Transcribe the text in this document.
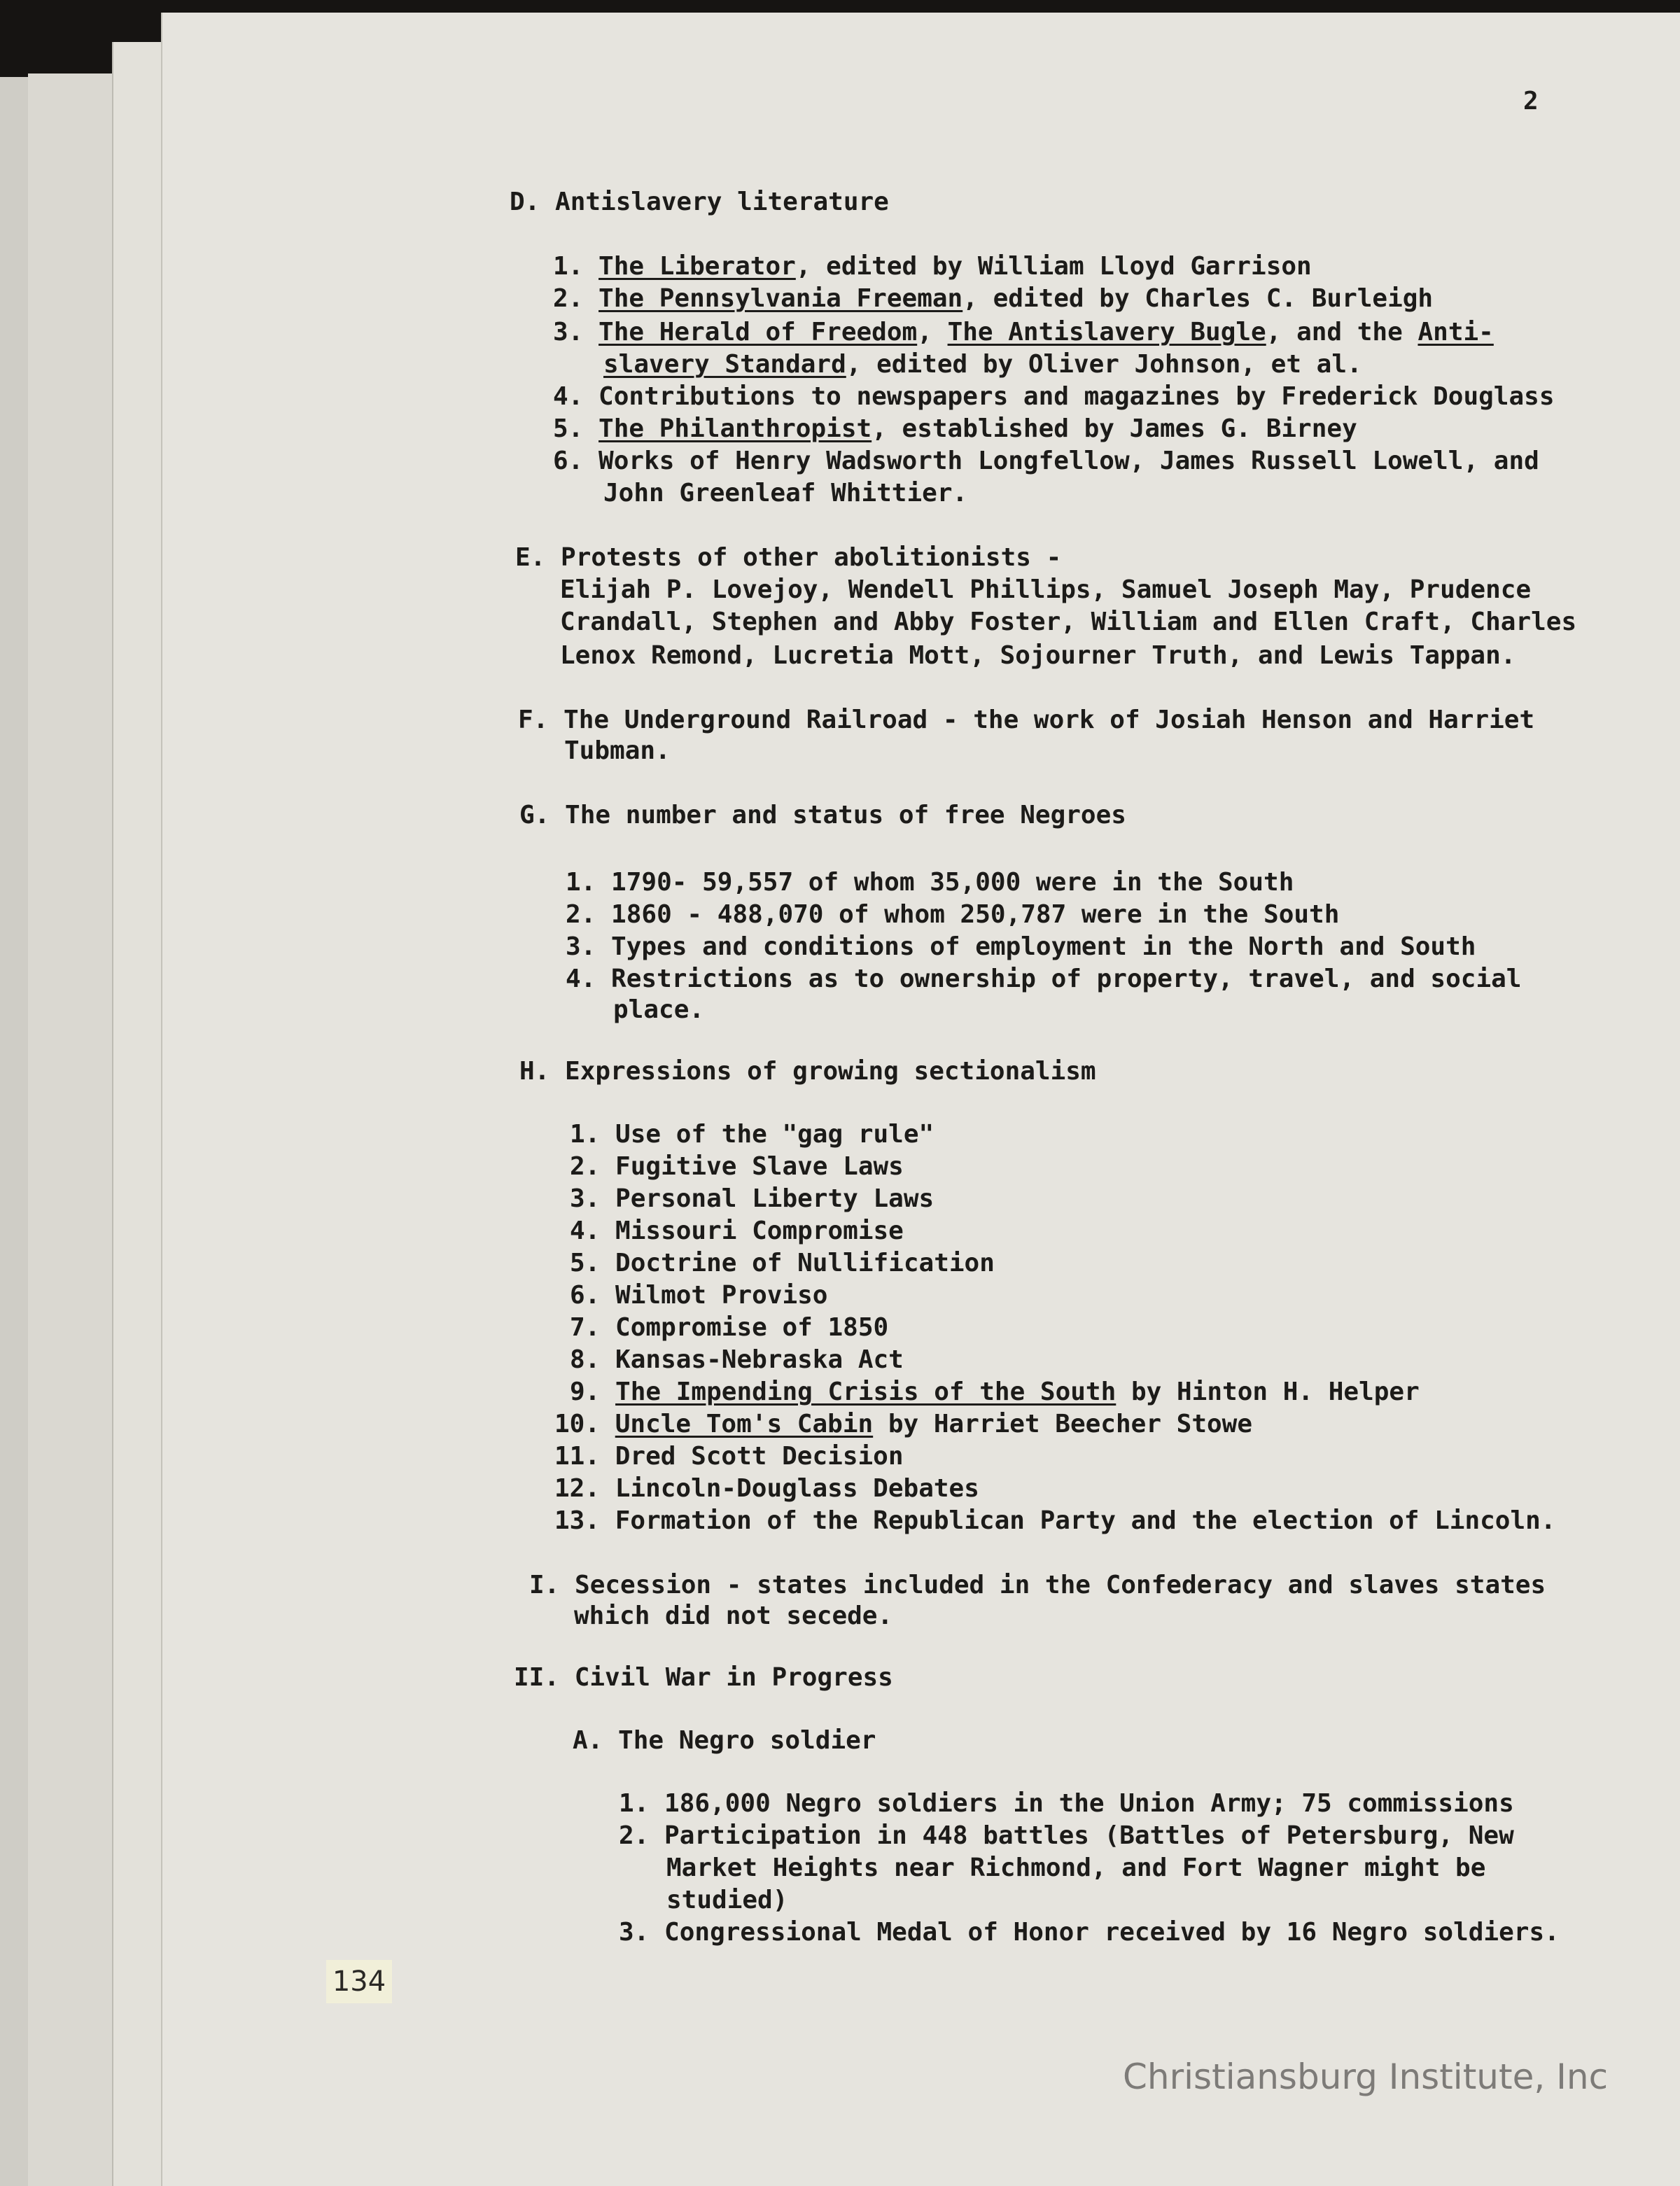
2
D. Antislavery literature
1. The Liberator, edited by William Lloyd Garrison
2. The Pennsylvania Freeman, edited by Charles C. Burleigh
3. The Herald of Freedom, The Antislavery Bugle, and the Anti-
slavery Standard, edited by Oliver Johnson, et al.
4. Contributions to newspapers and magazines by Frederick Douglass
5. The Philanthropist, established by James G. Birney
6. Works of Henry Wadsworth Longfellow, James Russell Lowell, and
John Greenleaf Whittier.
E. Protests of other abolitionists -
Elijah P. Lovejoy, Wendell Phillips, Samuel Joseph May, Prudence
Crandall, Stephen and Abby Foster, William and Ellen Craft, Charles
Lenox Remond, Lucretia Mott, Sojourner Truth, and Lewis Tappan.
F. The Underground Railroad - the work of Josiah Henson and Harriet
Tubman.
G. The number and status of free Negroes
1. 1790- 59,557 of whom 35,000 were in the South
2. 1860 - 488,070 of whom 250,787 were in the South
3. Types and conditions of employment in the North and South
4. Restrictions as to ownership of property, travel, and social
place.
H. Expressions of growing sectionalism
1. Use of the "gag rule"
2. Fugitive Slave Laws
3. Personal Liberty Laws
4. Missouri Compromise
5. Doctrine of Nullification
6. Wilmot Proviso
7. Compromise of 1850
8. Kansas-Nebraska Act
9. The Impending Crisis of the South by Hinton H. Helper
10. Uncle Tom's Cabin by Harriet Beecher Stowe
11. Dred Scott Decision
12. Lincoln-Douglass Debates
13. Formation of the Republican Party and the election of Lincoln.
I. Secession - states included in the Confederacy and slaves states
which did not secede.
II. Civil War in Progress
A. The Negro soldier
1. 186,000 Negro soldiers in the Union Army; 75 commissions
2. Participation in 448 battles (Battles of Petersburg, New
Market Heights near Richmond, and Fort Wagner might be
studied)
3. Congressional Medal of Honor received by 16 Negro soldiers.
134
Christiansburg Institute, Inc
